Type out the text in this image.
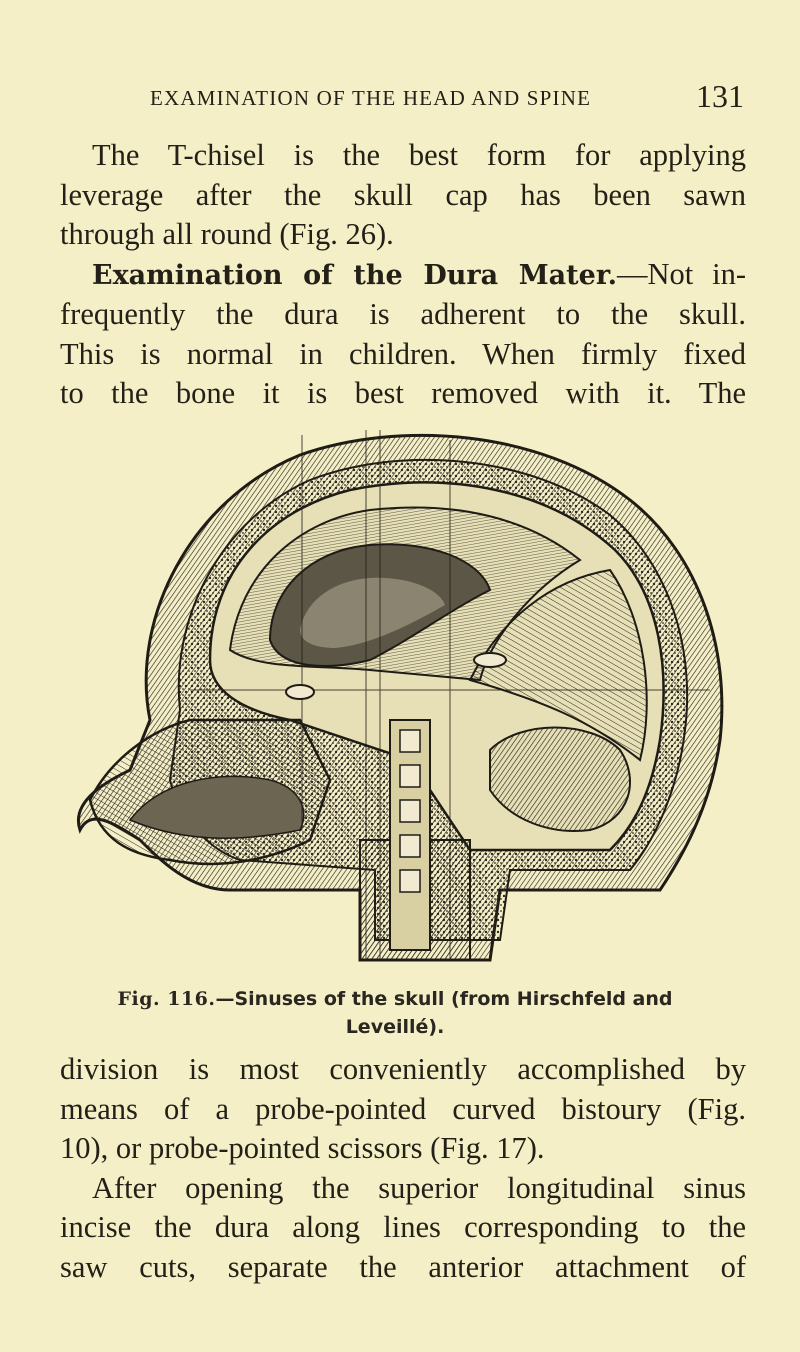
EXAMINATION OF THE HEAD AND SPINE	131

The T-chisel is the best form for applying
leverage after the skull cap has been sawn
through all round (Fig. 26).

Examination of the Dura Mater.—Not in-
frequently the dura is adherent to the skull.
This is normal in children. When firmly fixed
to the bone it is best removed with it. The

Fig. 116.—Sinuses of the skull (from Hirschfeld and
Leveillé).

division is most conveniently accomplished by
means of a probe-pointed curved bistoury (Fig.
10), or probe-pointed scissors (Fig. 17).

After opening the superior longitudinal sinus
incise the dura along lines corresponding to the
saw cuts, separate the anterior attachment of
